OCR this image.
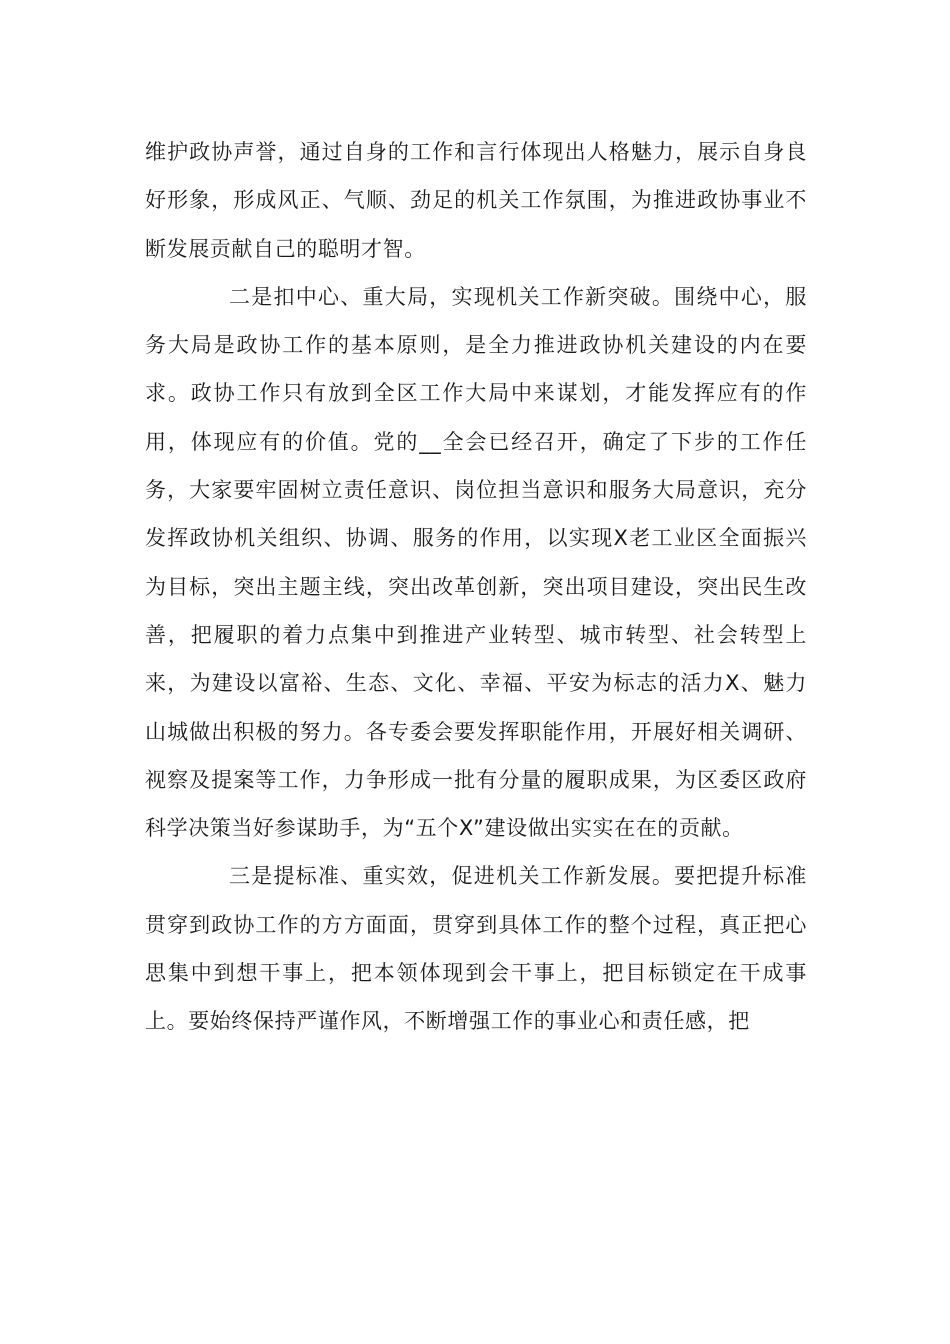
维护政协声誉，通过自身的工作和言行体现出人格魅力，展示自身良好形象，形成风正、气顺、劲足的机关工作氛围，为推进政协事业不断发展贡献自己的聪明才智。

二是扣中心、重大局，实现机关工作新突破。围绕中心，服务大局是政协工作的基本原则，是全力推进政协机关建设的内在要求。政协工作只有放到全区工作大局中来谋划，才能发挥应有的作用，体现应有的价值。党的__全会已经召开，确定了下步的工作任务，大家要牢固树立责任意识、岗位担当意识和服务大局意识，充分发挥政协机关组织、协调、服务的作用，以实现X老工业区全面振兴为目标，突出主题主线，突出改革创新，突出项目建设，突出民生改善，把履职的着力点集中到推进产业转型、城市转型、社会转型上来，为建设以富裕、生态、文化、幸福、平安为标志的活力X、魅力山城做出积极的努力。各专委会要发挥职能作用，开展好相关调研、视察及提案等工作，力争形成一批有分量的履职成果，为区委区政府科学决策当好参谋助手，为“五个X”建设做出实实在在的贡献。

三是提标准、重实效，促进机关工作新发展。要把提升标准贯穿到政协工作的方方面面，贯穿到具体工作的整个过程，真正把心思集中到想干事上，把本领体现到会干事上，把目标锁定在干成事上。要始终保持严谨作风，不断增强工作的事业心和责任感，把
